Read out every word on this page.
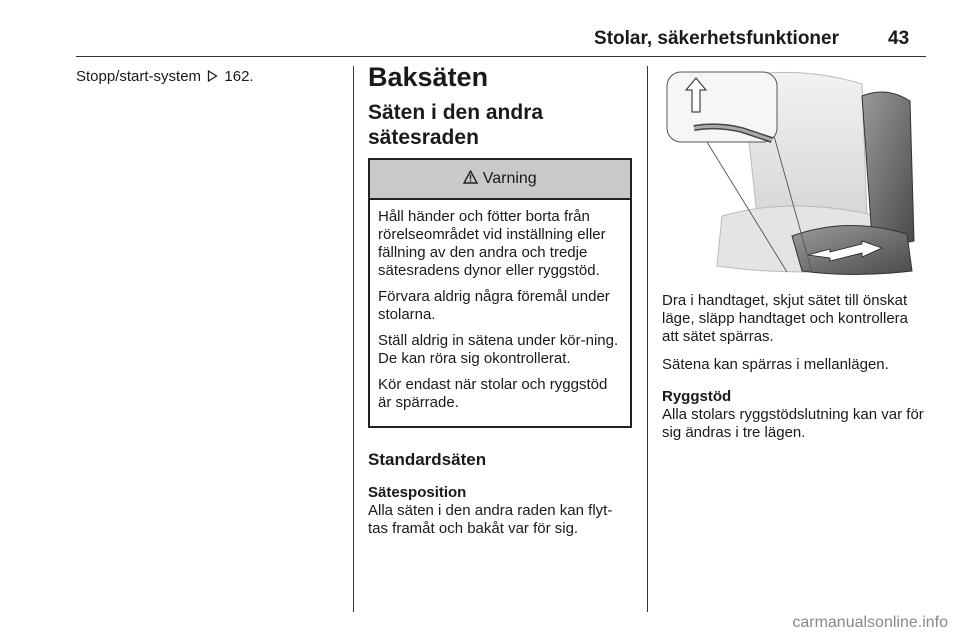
Stolar, säkerhetsfunktioner	43
Stopp/start-system 162.	Baksäten
Säten i den andra
sätesraden
Varning

Håll händer och fötter borta från rörelseområdet vid inställning eller fällning av den andra och tredje sätesradens dynor eller ryggstöd.

Förvara aldrig några föremål under stolarna.

Ställ aldrig in sätena under kör-ning. De kan röra sig okontrollerat.

Kör endast när stolar och ryggstöd är spärrade.

Standardsäten
Sätesposition

Alla säten i den andra raden kan flyt-tas framåt och bakåt var för sig.

Dra i handtaget, skjut sätet till önskat läge, släpp handtaget och kontrollera att sätet spärras.

Sätena kan spärras i mellanlägen.

Ryggstöd

Alla stolars ryggstödslutning kan var för sig ändras i tre lägen.

carmanualsonline.info
